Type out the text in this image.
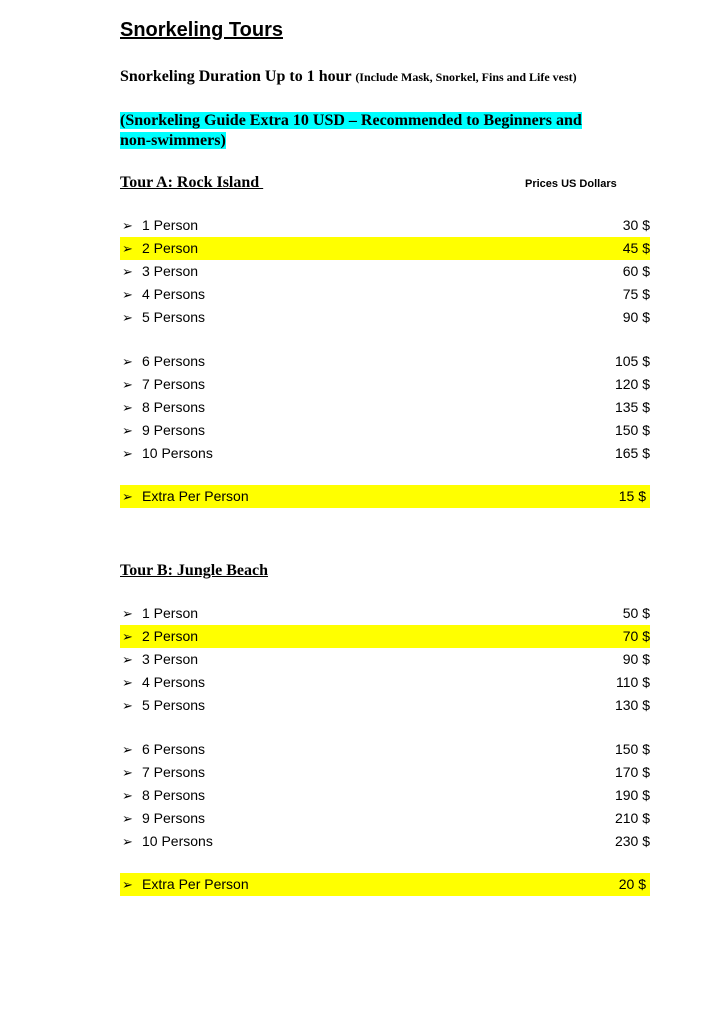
Snorkeling Tours
Snorkeling Duration Up to 1 hour (Include Mask, Snorkel, Fins and Life vest)
(Snorkeling Guide Extra 10 USD – Recommended to Beginners and non-swimmers)
Tour A: Rock Island	Prices US Dollars
➢ 1 Person	30 $
➢ 2 Person	45 $
➢ 3 Person	60 $
➢ 4 Persons	75 $
➢ 5 Persons	90 $
➢ 6 Persons	105 $
➢ 7 Persons	120 $
➢ 8 Persons	135 $
➢ 9 Persons	150 $
➢ 10 Persons	165 $
➢ Extra Per Person	15 $
Tour B: Jungle Beach
➢ 1 Person	50 $
➢ 2 Person	70 $
➢ 3 Person	90 $
➢ 4 Persons	110 $
➢ 5 Persons	130 $
➢ 6 Persons	150 $
➢ 7 Persons	170 $
➢ 8 Persons	190 $
➢ 9 Persons	210 $
➢ 10 Persons	230 $
➢ Extra Per Person	20 $
